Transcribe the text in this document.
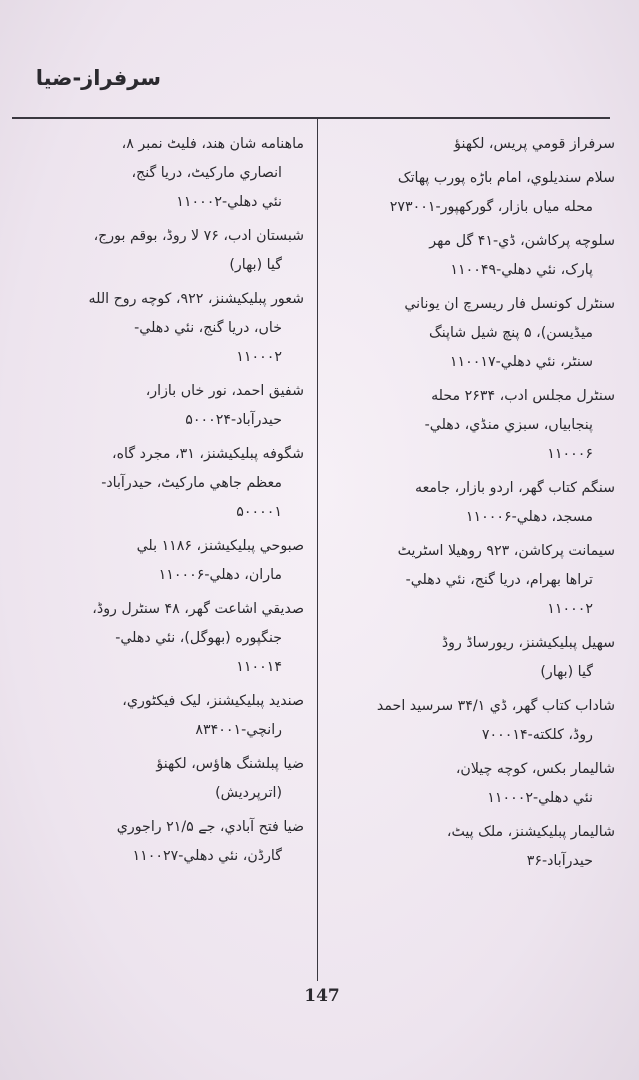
سرفراز-ضيا
سرفراز قومي پريس، لکھنؤ
سلام سنديلوي، امام باڑه پورب پهاتک
محله مياں بازار، گورکهپور-۲۷۳۰۰۱
سلوچه پرکاشن، ڈي-۴۱ گل مهر
پارک، نئي دهلي-۱۱۰۰۴۹
سنٹرل کونسل فار ريسرچ ان يوناني
ميڈيسن)، ۵ پنچ شيل شاپنگ
سنٹر، نئي دهلي-۱۱۰۰۱۷
سنٹرل مجلس ادب، ۲۶۳۴ محله
پنجابياں، سبزي منڈي، دهلي-
۱۱۰۰۰۶
سنگم کتاب گهر، اردو بازار، جامعه
مسجد، دهلي-۱۱۰۰۰۶
سيمانت پرکاشن، ۹۲۳ روهيلا اسٹريٹ
تراها بهرام، دريا گنج، نئي دهلي-
۱۱۰۰۰۲
سهيل پبليکيشنز، ريورساڈ روڈ
گيا (بهار)
شاداب کتاب گهر، ڈي ۳۴/۱ سرسيد احمد
روڈ، کلکته-۷۰۰۰۱۴
شاليمار بکس، کوچه چيلان،
نئي دهلي-۱۱۰۰۰۲
شاليمار پبليکيشنز، ملک پيٹ،
حيدرآباد-۳۶
ماهنامه شان هند، فليٹ نمبر ۸،
انصاري مارکيٹ، دريا گنج،
نئي دهلي-۱۱۰۰۰۲
شبستان ادب، ۷۶ لا روڈ، بوقم بورج،
گيا (بهار)
شعور پبليکيشنز، ۹۲۲، کوچه روح الله
خاں، دريا گنج، نئي دهلي-
۱۱۰۰۰۲
شفيق احمد، نور خاں بازار،
حيدرآباد-۵۰۰۰۲۴
شگوفه پبليکيشنز، ۳۱، مجرد گاه،
معظم جاهي مارکيٹ، حيدرآباد-
۵۰۰۰۰۱
صبوحي پبليکيشنز، ۱۱۸۶ بلي
ماران، دهلي-۱۱۰۰۰۶
صديقي اشاعت گهر، ۴۸ سنٹرل روڈ،
جنگپوره (بهوگل)، نئي دهلي-
۱۱۰۰۱۴
صنديد پبليکيشنز، ليک فيکٹوري،
رانچي-۸۳۴۰۰۱
ضيا پبلشنگ هاؤس، لکهنؤ
(اترپرديش)
ضيا فتح آبادي، جے ۲۱/۵ راجوري
گارڈن، نئي دهلي-۱۱۰۰۲۷
147
